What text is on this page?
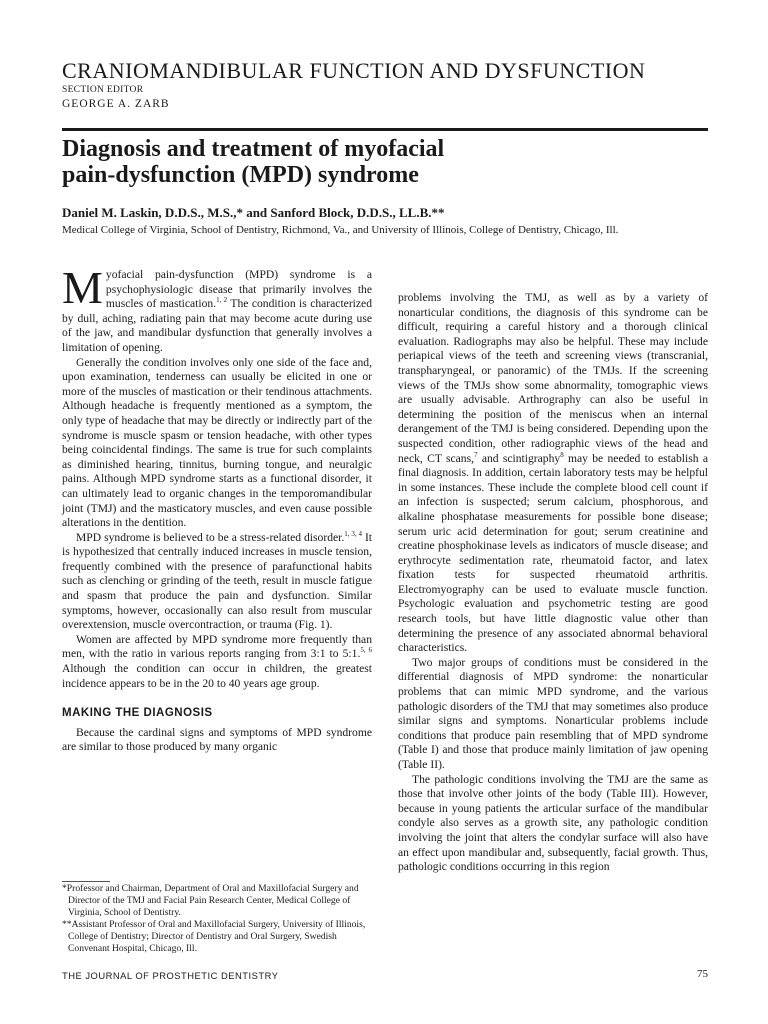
CRANIOMANDIBULAR FUNCTION AND DYSFUNCTION
SECTION EDITOR
GEORGE A. ZARB
Diagnosis and treatment of myofacial
pain-dysfunction (MPD) syndrome
Daniel M. Laskin, D.D.S., M.S.,* and Sanford Block, D.D.S., LL.B.**
Medical College of Virginia, School of Dentistry, Richmond, Va., and University of Illinois, College of Dentistry, Chicago, Ill.

Myofacial pain-dysfunction (MPD) syndrome is a psychophysiologic disease that primarily involves the muscles of mastication.$^{1, 2}$ The condition is characterized by dull, aching, radiating pain that may become acute during use of the jaw, and mandibular dysfunction that generally involves a limitation of opening.

Generally the condition involves only one side of the face and, upon examination, tenderness can usually be elicited in one or more of the muscles of mastication or their tendinous attachments. Although headache is frequently mentioned as a symptom, the only type of headache that may be directly or indirectly part of the syndrome is muscle spasm or tension headache, with other types being coincidental findings. The same is true for such complaints as diminished hearing, tinnitus, burning tongue, and neuralgic pains. Although MPD syndrome starts as a functional disorder, it can ultimately lead to organic changes in the temporomandibular joint (TMJ) and the masticatory muscles, and even cause possible alterations in the dentition.

MPD syndrome is believed to be a stress-related disorder.$^{1, 3, 4}$ It is hypothesized that centrally induced increases in muscle tension, frequently combined with the presence of parafunctional habits such as clenching or grinding of the teeth, result in muscle fatigue and spasm that produce the pain and dysfunction. Similar symptoms, however, occasionally can also result from muscular overextension, muscle overcontraction, or trauma (Fig. 1).

Women are affected by MPD syndrome more frequently than men, with the ratio in various reports ranging from 3:1 to 5:1.$^{5, 6}$ Although the condition can occur in children, the greatest incidence appears to be in the 20 to 40 years age group.

MAKING THE DIAGNOSIS

Because the cardinal signs and symptoms of MPD syndrome are similar to those produced by many organic

problems involving the TMJ, as well as by a variety of nonarticular conditions, the diagnosis of this syndrome can be difficult, requiring a careful history and a thorough clinical evaluation. Radiographs may also be helpful. These may include periapical views of the teeth and screening views (transcranial, transpharyngeal, or panoramic) of the TMJs. If the screening views of the TMJs show some abnormality, tomographic views are usually advisable. Arthrography can also be useful in determining the position of the meniscus when an internal derangement of the TMJ is being considered. Depending upon the suspected condition, other radiographic views of the head and neck, CT scans,$^7$ and scintigraphy$^8$ may be needed to establish a final diagnosis. In addition, certain laboratory tests may be helpful in some instances. These include the complete blood cell count if an infection is suspected; serum calcium, phosphorous, and alkaline phosphatase measurements for possible bone disease; serum uric acid determination for gout; serum creatinine and creatine phosphokinase levels as indicators of muscle disease; and erythrocyte sedimentation rate, rheumatoid factor, and latex fixation tests for suspected rheumatoid arthritis. Electromyography can be used to evaluate muscle function. Psychologic evaluation and psychometric testing are good research tools, but have little diagnostic value other than determining the presence of any associated abnormal behavioral characteristics.

Two major groups of conditions must be considered in the differential diagnosis of MPD syndrome: the nonarticular problems that can mimic MPD syndrome, and the various pathologic disorders of the TMJ that may sometimes also produce similar signs and symptoms. Nonarticular problems include conditions that produce pain resembling that of MPD syndrome (Table I) and those that produce mainly limitation of jaw opening (Table II).

The pathologic conditions involving the TMJ are the same as those that involve other joints of the body (Table III). However, because in young patients the articular surface of the mandibular condyle also serves as a growth site, any pathologic condition involving the joint that alters the condylar surface will also have an effect upon mandibular and, subsequently, facial growth. Thus, pathologic conditions occurring in this region

*Professor and Chairman, Department of Oral and Maxillofacial Surgery and Director of the TMJ and Facial Pain Research Center, Medical College of Virginia, School of Dentistry.

**Assistant Professor of Oral and Maxillofacial Surgery, University of Illinois, College of Dentistry; Director of Dentistry and Oral Surgery, Swedish Convenant Hospital, Chicago, Ill.

THE JOURNAL OF PROSTHETIC DENTISTRY	75
